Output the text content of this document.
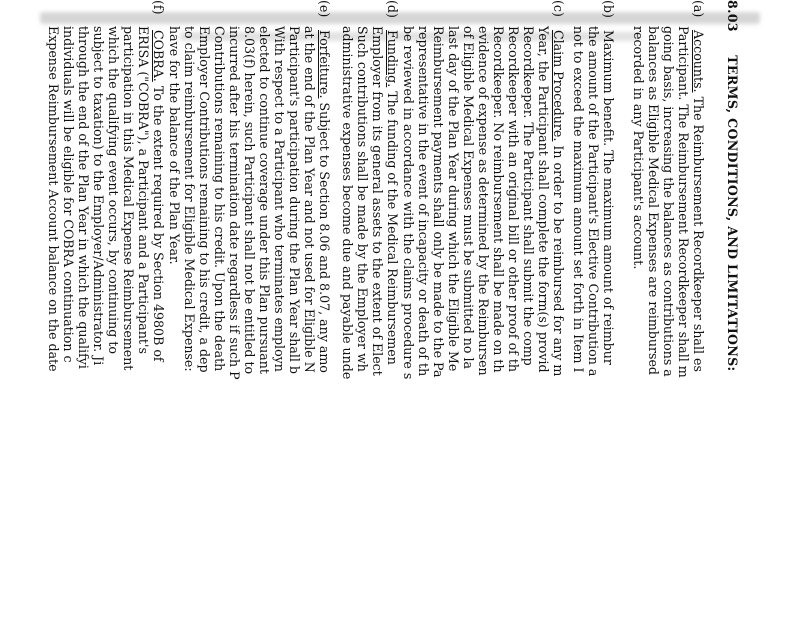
8.03  TERMS, CONDITIONS, AND LIMITATIONS:
(a) Accounts. The Reimbursement Recordkeeper shall es
Participant. The Reimbursement Recordkeeper shall m
going basis, increasing the balances as contributions a
balances as Eligible Medical Expenses are reimbursed
recorded in any Participant's account.
(b) Maximum benefit. The maximum amount of reimbur
the amount of the Participant's Elective Contribution a
not to exceed the maximum amount set forth in Item I
(c) Claim Procedure. In order to be reimbursed for any m
Year, the Participant shall complete the form(s) provid
Recordkeeper. The Participant shall submit the comp
Recordkeeper with an original bill or other proof of th
Recordkeeper. No reimbursement shall be made on th
evidence of expense as determined by the Reimbursen
of Eligible Medical Expenses must be submitted no la
last day of the Plan Year during which the Eligible Me
Reimbursement payments shall only be made to the Pa
representative in the event of incapacity or death of th
be reviewed in accordance with the claims procedure s
(d) Funding. The funding of the Medical Reimbursemen
Employer from its general assets to the extent of Elect
Such contributions shall be made by the Employer wh
administrative expenses become due and payable unde
(e) Forfeiture. Subject to Section 8.06 and 8.07, any amo
at the end of the Plan Year and not used for Eligible N
Participant's participation during the Plan Year shall b
With respect to a Participant who terminates employn
elected to continue coverage under this Plan pursuant
8.03(f) herein, such Participant shall not be entitled to
incurred after his termination date regardless if such P
Contributions remaining to his credit. Upon the death
Employer Contributions remaining to his credit, a dep
to claim reimbursement for Eligible Medical Expense:
have for the balance of the Plan Year.
(f) COBRA. To the extent required by Section 4980B of
ERISA ("COBRA"), a Participant and a Participant's
participation in this Medical Expense Reimbursement
which the qualifying event occurs, by continuing to
subject to taxation) to the Employer/Administrator. Ji
through the end of the Plan Year in which the qualifyi
individuals will be eligible for COBRA continuation c
Expense Reimbursement Account balance on the date
